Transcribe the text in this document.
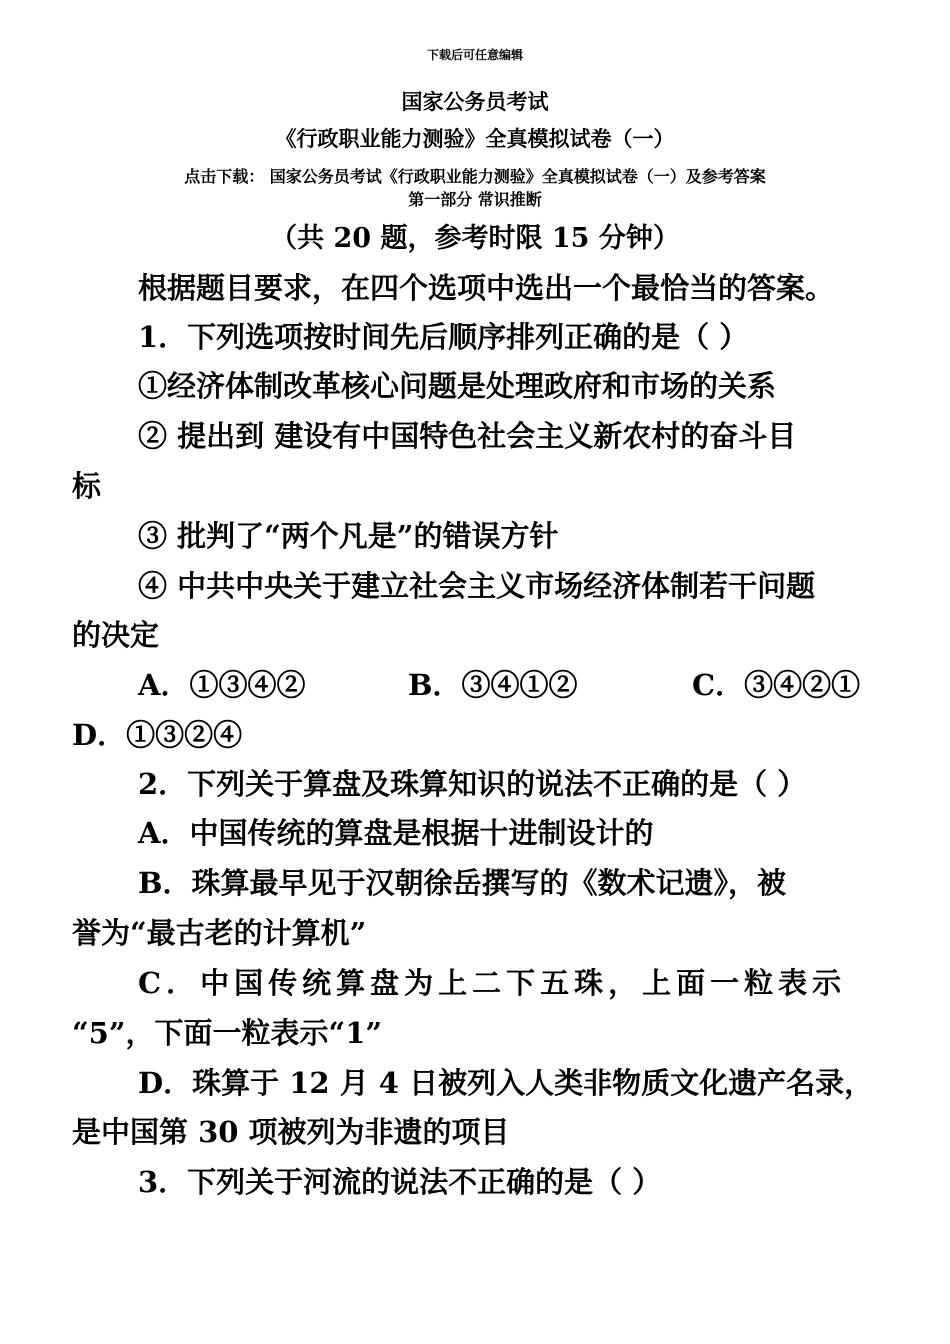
下载后可任意编辑
国家公务员考试
《行政职业能力测验》全真模拟试卷（一）
点击下载： 国家公务员考试《行政职业能力测验》全真模拟试卷（一）及参考答案
第一部分 常识推断
（共 20 题，参考时限 15 分钟）
根据题目要求，在四个选项中选出一个最恰当的答案。
1．下列选项按时间先后顺序排列正确的是（ ）
①经济体制改革核心问题是处理政府和市场的关系
② 提出到 建设有中国特色社会主义新农村的奋斗目
标
③ 批判了“两个凡是”的错误方针
④ 中共中央关于建立社会主义市场经济体制若干问题
的决定
A．①③④②	B．③④①②	C．③④②①
D．①③②④
2．下列关于算盘及珠算知识的说法不正确的是（ ）
A．中国传统的算盘是根据十进制设计的
B．珠算最早见于汉朝徐岳撰写的《数术记遗》，被
誉为“最古老的计算机”
C．中国传统算盘为上二下五珠，上面一粒表示
“5”，下面一粒表示“1”
D．珠算于 12 月 4 日被列入人类非物质文化遗产名录，
是中国第 30 项被列为非遗的项目
3．下列关于河流的说法不正确的是（ ）
